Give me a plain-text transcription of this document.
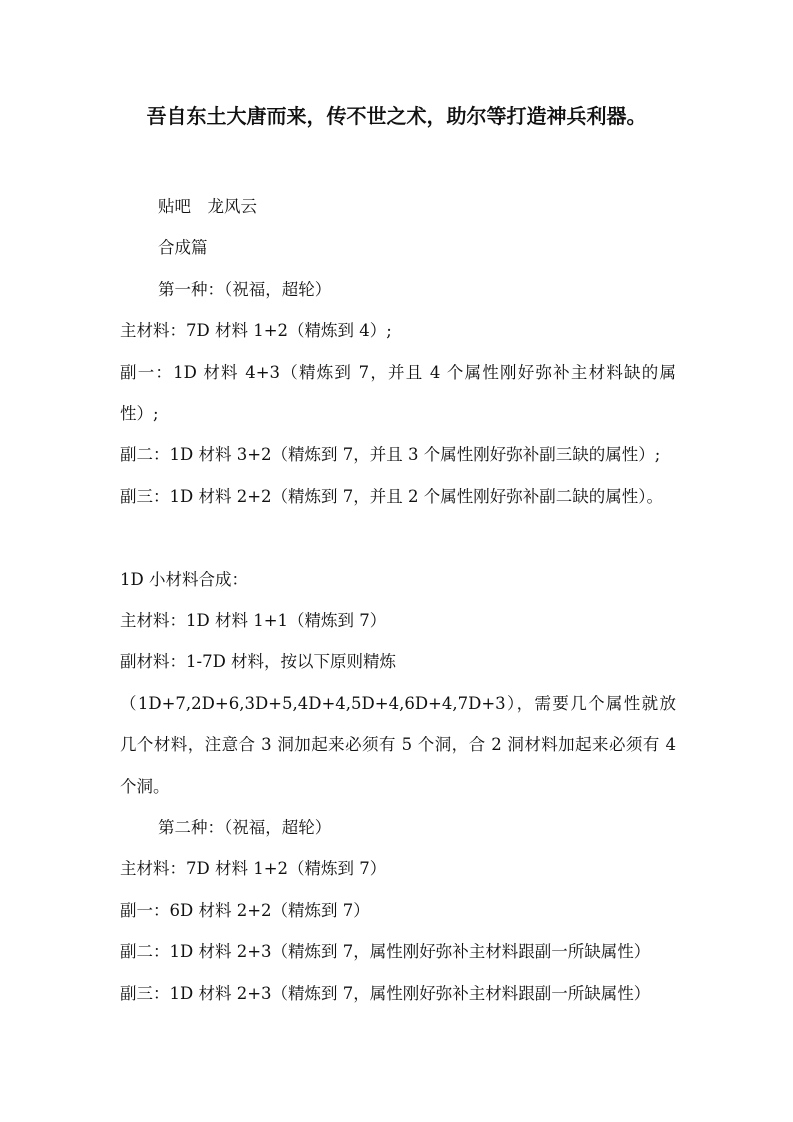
吾自东土大唐而来，传不世之术，助尔等打造神兵利器。

贴吧　龙风云

合成篇

第一种：（祝福，超轮）

主材料：7D 材料 1+2（精炼到 4）;

副一：1D 材料 4+3（精炼到 7，并且 4 个属性刚好弥补主材料缺的属性）;

副二：1D 材料 3+2（精炼到 7，并且 3 个属性刚好弥补副三缺的属性）;

副三：1D 材料 2+2（精炼到 7，并且 2 个属性刚好弥补副二缺的属性）。

1D 小材料合成：

主材料：1D 材料 1+1（精炼到 7）

副材料：1-7D 材料，按以下原则精炼

（1D+7,2D+6,3D+5,4D+4,5D+4,6D+4,7D+3），需要几个属性就放几个材料，注意合 3 洞加起来必须有 5 个洞，合 2 洞材料加起来必须有 4 个洞。

第二种：（祝福，超轮）

主材料：7D 材料 1+2（精炼到 7）

副一：6D 材料 2+2（精炼到 7）

副二：1D 材料 2+3（精炼到 7，属性刚好弥补主材料跟副一所缺属性）

副三：1D 材料 2+3（精炼到 7，属性刚好弥补主材料跟副一所缺属性）
